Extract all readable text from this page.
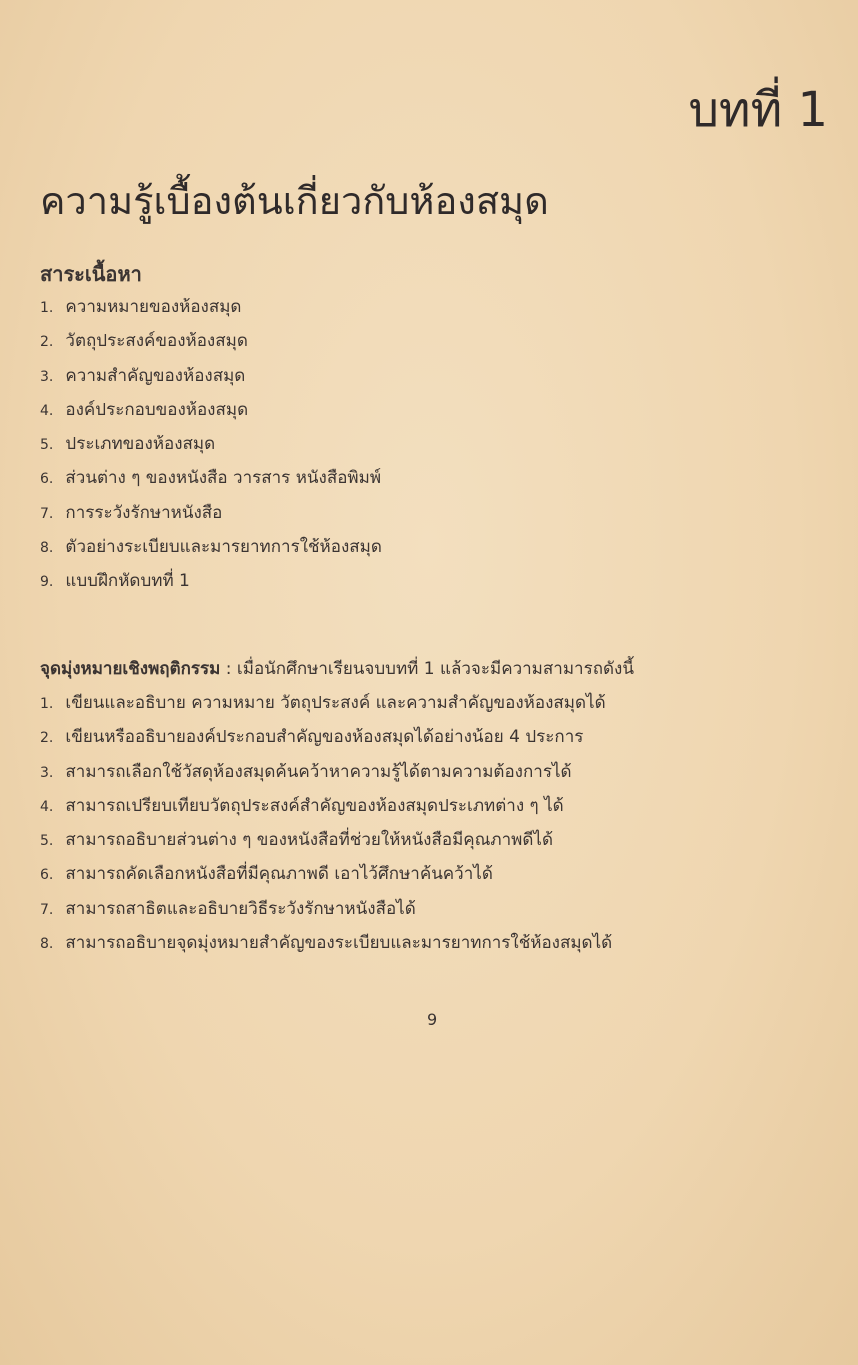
บทที่ 1
ความรู้เบื้องต้นเกี่ยวกับห้องสมุด
สาระเนื้อหา
1. ความหมายของห้องสมุด
2. วัตถุประสงค์ของห้องสมุด
3. ความสำคัญของห้องสมุด
4. องค์ประกอบของห้องสมุด
5. ประเภทของห้องสมุด
6. ส่วนต่าง ๆ ของหนังสือ วารสาร หนังสือพิมพ์
7. การระวังรักษาหนังสือ
8. ตัวอย่างระเบียบและมารยาทการใช้ห้องสมุด
9. แบบฝึกหัดบทที่ 1
จุดมุ่งหมายเชิงพฤติกรรม : เมื่อนักศึกษาเรียนจบบทที่ 1 แล้วจะมีความสามารถดังนี้
1. เขียนและอธิบาย ความหมาย วัตถุประสงค์ และความสำคัญของห้องสมุดได้
2. เขียนหรืออธิบายองค์ประกอบสำคัญของห้องสมุดได้อย่างน้อย 4 ประการ
3. สามารถเลือกใช้วัสดุห้องสมุดค้นคว้าหาความรู้ได้ตามความต้องการได้
4. สามารถเปรียบเทียบวัตถุประสงค์สำคัญของห้องสมุดประเภทต่าง ๆ ได้
5. สามารถอธิบายส่วนต่าง ๆ ของหนังสือที่ช่วยให้หนังสือมีคุณภาพดีได้
6. สามารถคัดเลือกหนังสือที่มีคุณภาพดี เอาไว้ศึกษาค้นคว้าได้
7. สามารถสาธิตและอธิบายวิธีระวังรักษาหนังสือได้
8. สามารถอธิบายจุดมุ่งหมายสำคัญของระเบียบและมารยาทการใช้ห้องสมุดได้
9
